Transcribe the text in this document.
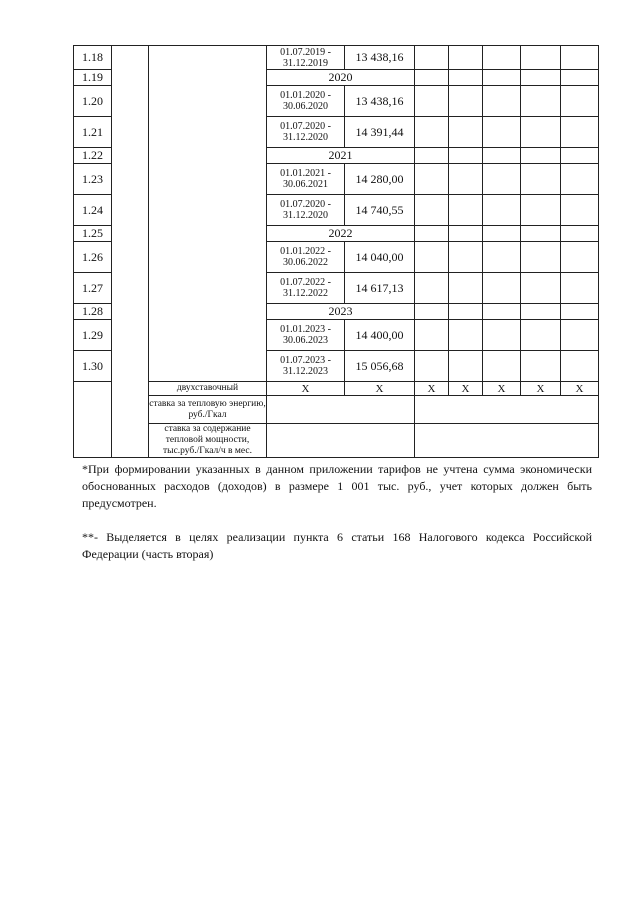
1.18			01.07.2019 -
31.12.2019	13 438,16					
1.19			2020						
1.20			01.01.2020 -
30.06.2020	13 438,16					
1.21			01.07.2020 -
31.12.2020	14 391,44					
1.22			2021						
1.23			01.01.2021 -
30.06.2021	14 280,00					
1.24			01.07.2020 -
31.12.2020	14 740,55					
1.25			2022						
1.26			01.01.2022 -
30.06.2022	14 040,00					
1.27			01.07.2022 -
31.12.2022	14 617,13					
1.28			2023						
1.29			01.01.2023 -
30.06.2023	14 400,00					
1.30			01.07.2023 -
31.12.2023	15 056,68					
		двухставочный	Х	Х	Х	Х	Х	Х	Х
		ставка за тепловую энергию, руб./Гкал							
		ставка за содержание тепловой мощности, тыс.руб./Гкал/ч в мес.							

*При формировании указанных в данном приложении тарифов не учтена сумма экономически обоснованных расходов (доходов) в размере 1 001 тыс. руб., учет которых должен быть предусмотрен.

**- Выделяется в целях реализации пункта 6 статьи 168 Налогового кодекса Российской Федерации (часть вторая)
